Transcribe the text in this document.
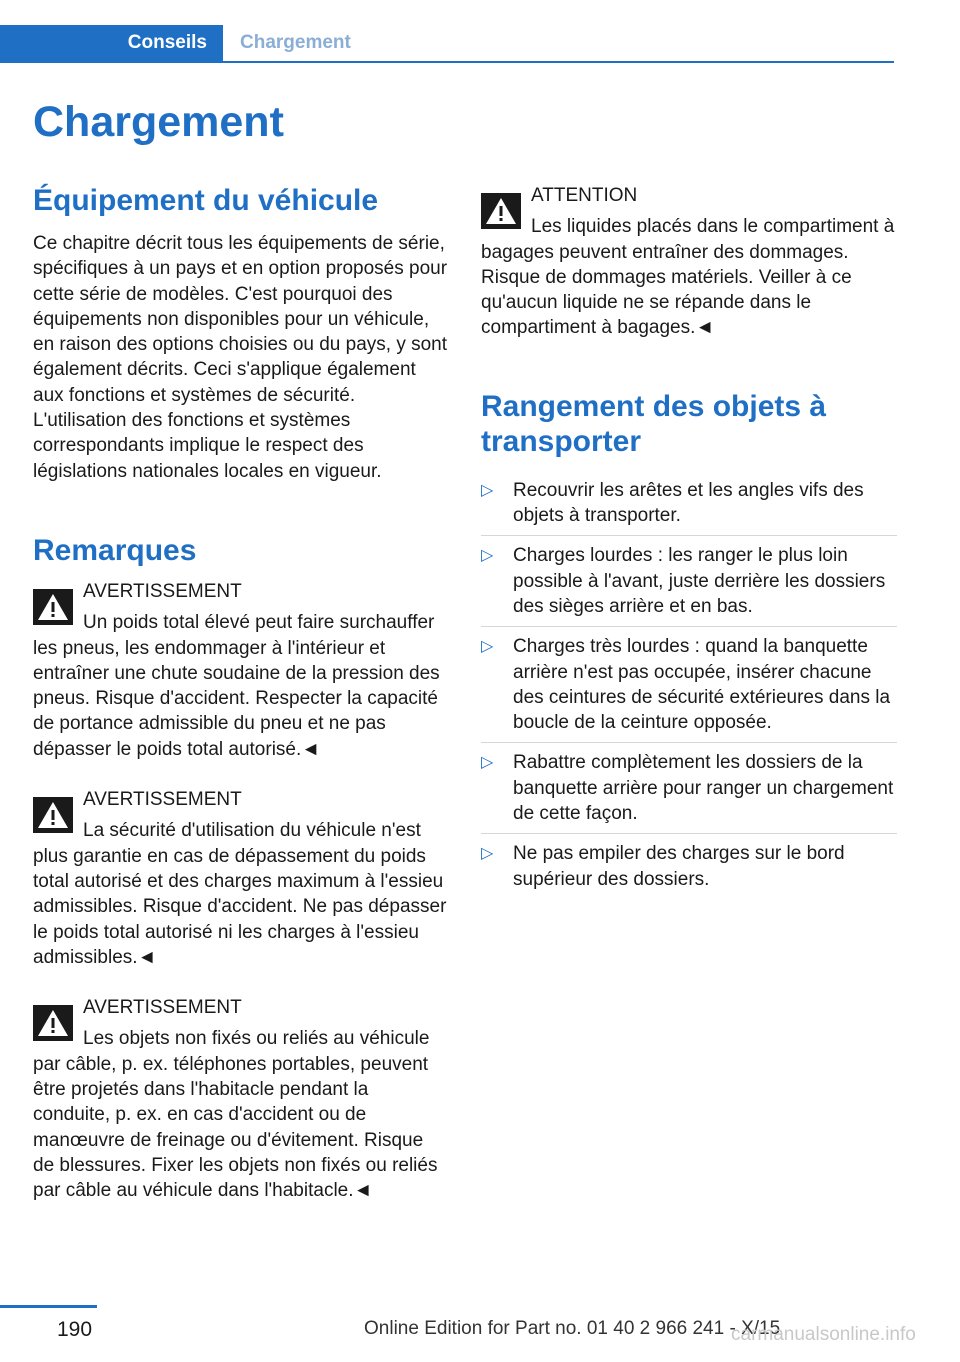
Conseils	Chargement
Chargement
Équipement du véhicule

Ce chapitre décrit tous les équipements de série, spécifiques à un pays et en option proposés pour cette série de modèles. C'est pourquoi des équipements non disponibles pour un véhicule, en raison des options choisies ou du pays, y sont également décrits. Ceci s'applique également aux fonctions et systèmes de sécurité. L'utilisation des fonctions et systèmes correspondants implique le respect des législations nationales locales en vigueur.

Remarques

AVERTISSEMENT

Un poids total élevé peut faire surchauffer les pneus, les endommager à l'intérieur et entraîner une chute soudaine de la pression des pneus. Risque d'accident. Respecter la capacité de portance admissible du pneu et ne pas dépasser le poids total autorisé.◄

AVERTISSEMENT

La sécurité d'utilisation du véhicule n'est plus garantie en cas de dépassement du poids total autorisé et des charges maximum à l'essieu admissibles. Risque d'accident. Ne pas dépasser le poids total autorisé ni les charges à l'essieu admissibles.◄

AVERTISSEMENT

Les objets non fixés ou reliés au véhicule par câble, p. ex. téléphones portables, peuvent être projetés dans l'habitacle pendant la conduite, p. ex. en cas d'accident ou de manœuvre de freinage ou d'évitement. Risque de blessures. Fixer les objets non fixés ou reliés par câble au véhicule dans l'habitacle.◄

ATTENTION

Les liquides placés dans le compartiment à bagages peuvent entraîner des dommages. Risque de dommages matériels. Veiller à ce qu'aucun liquide ne se répande dans le compartiment à bagages.◄

Rangement des objets à transporter
▷ Recouvrir les arêtes et les angles vifs des objets à transporter.
▷ Charges lourdes : les ranger le plus loin possible à l'avant, juste derrière les dossiers des sièges arrière et en bas.
▷ Charges très lourdes : quand la banquette arrière n'est pas occupée, insérer chacune des ceintures de sécurité extérieures dans la boucle de la ceinture opposée.
▷ Rabattre complètement les dossiers de la banquette arrière pour ranger un chargement de cette façon.
▷ Ne pas empiler des charges sur le bord supérieur des dossiers.
190	Online Edition for Part no. 01 40 2 966 241 - X/15
carmanualsonline.info
